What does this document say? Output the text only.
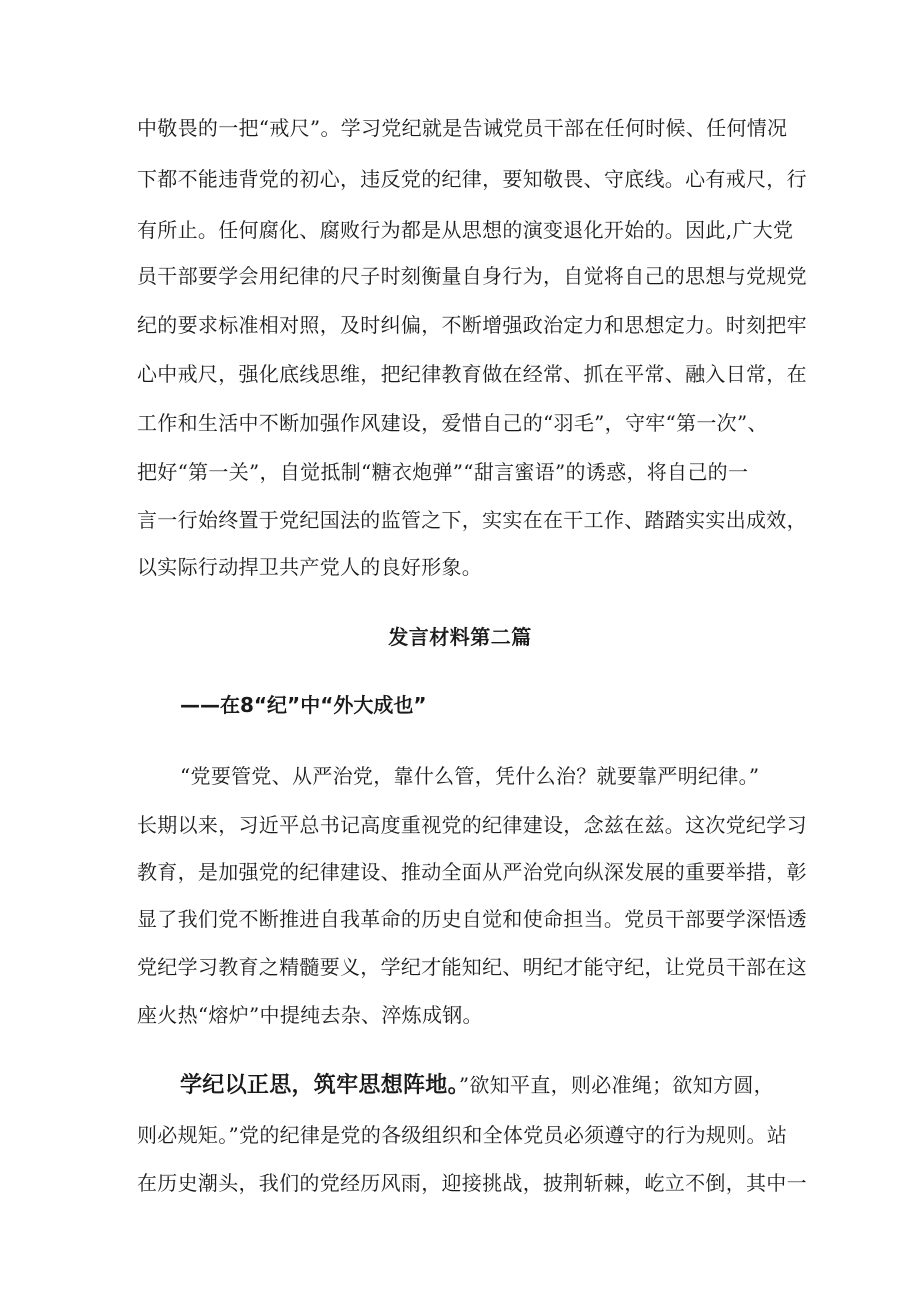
中敬畏的一把“戒尺”。学习党纪就是告诫党员干部在任何时候、任何情况
下都不能违背党的初心，违反党的纪律，要知敬畏、守底线。心有戒尺，行
有所止。任何腐化、腐败行为都是从思想的演变退化开始的。因此,广大党
员干部要学会用纪律的尺子时刻衡量自身行为，自觉将自己的思想与党规党
纪的要求标准相对照，及时纠偏，不断增强政治定力和思想定力。时刻把牢
心中戒尺，强化底线思维，把纪律教育做在经常、抓在平常、融入日常，在
工作和生活中不断加强作风建设，爱惜自己的“羽毛”，守牢“第一次”、
把好“第一关”，自觉抵制“糖衣炮弹”“甜言蜜语”的诱惑，将自己的一
言一行始终置于党纪国法的监管之下，实实在在干工作、踏踏实实出成效，
以实际行动捍卫共产党人的良好形象。
发言材料第二篇
——在8“纪”中“外大成也”
“党要管党、从严治党，靠什么管，凭什么治？就要靠严明纪律。”
长期以来，习近平总书记高度重视党的纪律建设，念兹在兹。这次党纪学习
教育，是加强党的纪律建设、推动全面从严治党向纵深发展的重要举措，彰
显了我们党不断推进自我革命的历史自觉和使命担当。党员干部要学深悟透
党纪学习教育之精髓要义，学纪才能知纪、明纪才能守纪，让党员干部在这
座火热“熔炉”中提纯去杂、淬炼成钢。
学纪以正思，筑牢思想阵地。”欲知平直，则必准绳；欲知方圆，
则必规矩。”党的纪律是党的各级组织和全体党员必须遵守的行为规则。站
在历史潮头，我们的党经历风雨，迎接挑战，披荆斩棘，屹立不倒，其中一
